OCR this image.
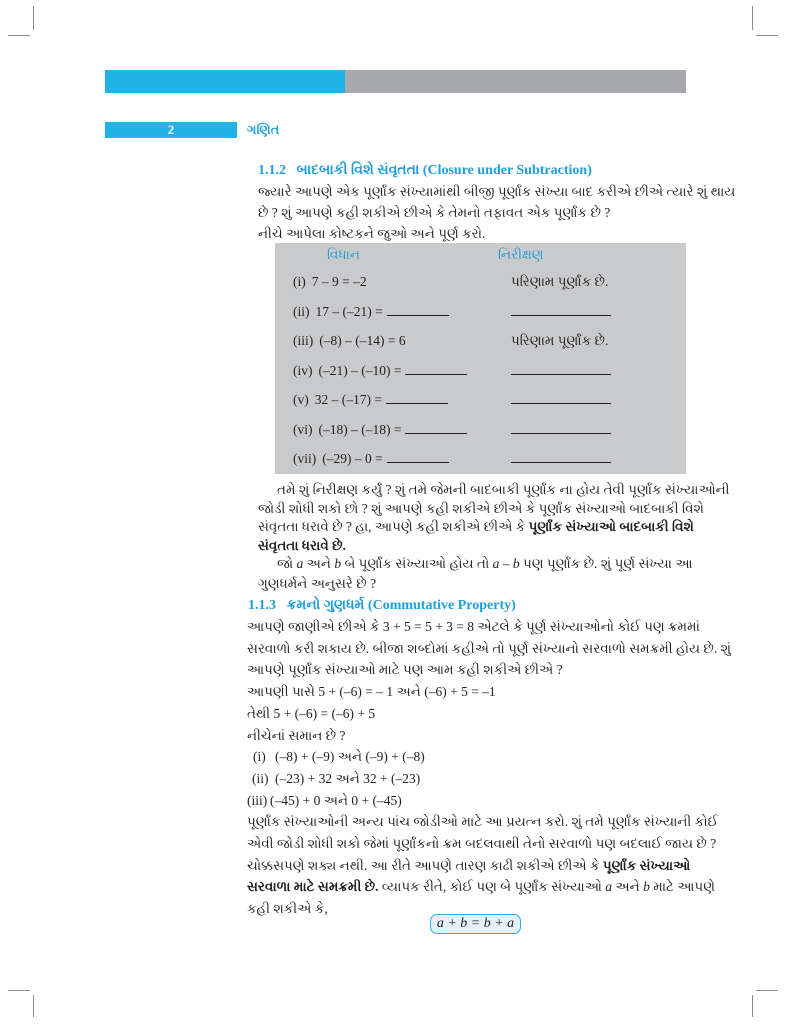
2	ગણિત
1.1.2 બાદબાકી વિશે સંવૃતતા (Closure under Subtraction)
જ્યારે આપણે એક પૂર્ણાંક સંખ્યામાંથી બીજી પૂર્ણાંક સંખ્યા બાદ કરીએ છીએ ત્યારે શું થાય
છે ? શું આપણે કહી શકીએ છીએ કે તેમનો તફાવત એક પૂર્ણાંક છે ?
નીચે આપેલા કોષ્ટકને જુઓ અને પૂર્ણ કરો.
વિધાન	નિરીક્ષણ
(i) 7 – 9 = –2	પરિણામ પૂર્ણાંક છે.
(ii) 17 – (–21) =
(iii) (–8) – (–14) = 6	પરિણામ પૂર્ણાંક છે.
(iv) (–21) – (–10) =
(v) 32 – (–17) =
(vi) (–18) – (–18) =
(vii) (–29) – 0 =
તમે શું નિરીક્ષણ કર્યું ? શું તમે જેમની બાદબાકી પૂર્ણાંક ના હોય તેવી પૂર્ણાંક સંખ્યાઓની
જોડી શોધી શકો છો ? શું આપણે કહી શકીએ છીએ કે પૂર્ણાંક સંખ્યાઓ બાદબાકી વિશે
સંવૃતતા ધરાવે છે ? હા, આપણે કહી શકીએ છીએ કે પૂર્ણાંક સંખ્યાઓ બાદબાકી વિશે
સંવૃતતા ધરાવે છે.
જો a અને b બે પૂર્ણાંક સંખ્યાઓ હોય તો a – b પણ પૂર્ણાંક છે. શું પૂર્ણ સંખ્યા આ
ગુણધર્મને અનુસરે છે ?
1.1.3 ક્રમનો ગુણધર્મ (Commutative Property)
આપણે જાણીએ છીએ કે 3 + 5 = 5 + 3 = 8 એટલે કે પૂર્ણ સંખ્યાઓનો કોઈ પણ ક્રમમાં
સરવાળો કરી શકાય છે. બીજા શબ્દોમાં કહીએ તો પૂર્ણ સંખ્યાનો સરવાળો સમક્રમી હોય છે. શું
આપણે પૂર્ણાંક સંખ્યાઓ માટે પણ આમ કહી શકીએ છીએ ?
આપણી પાસે 5 + (–6) = – 1 અને (–6) + 5 = –1
તેથી 5 + (–6) = (–6) + 5
નીચેનાં સમાન છે ?
(i) (–8) + (–9) અને (–9) + (–8)
(ii) (–23) + 32 અને 32 + (–23)
(iii) (–45) + 0 અને 0 + (–45)
પૂર્ણાંક સંખ્યાઓની અન્ય પાંચ જોડીઓ માટે આ પ્રયત્ન કરો. શું તમે પૂર્ણાંક સંખ્યાની કોઈ
એવી જોડી શોધી શકો જેમાં પૂર્ણાંકનો ક્રમ બદલવાથી તેનો સરવાળો પણ બદલાઈ જાય છે ?
ચોક્કસપણે શક્ય નથી. આ રીતે આપણે તારણ કાઢી શકીએ છીએ કે પૂર્ણાંક સંખ્યાઓ
સરવાળા માટે સમક્રમી છે. વ્યાપક રીતે, કોઈ પણ બે પૂર્ણાંક સંખ્યાઓ a અને b માટે આપણે
કહી શકીએ કે,
a + b = b + a
